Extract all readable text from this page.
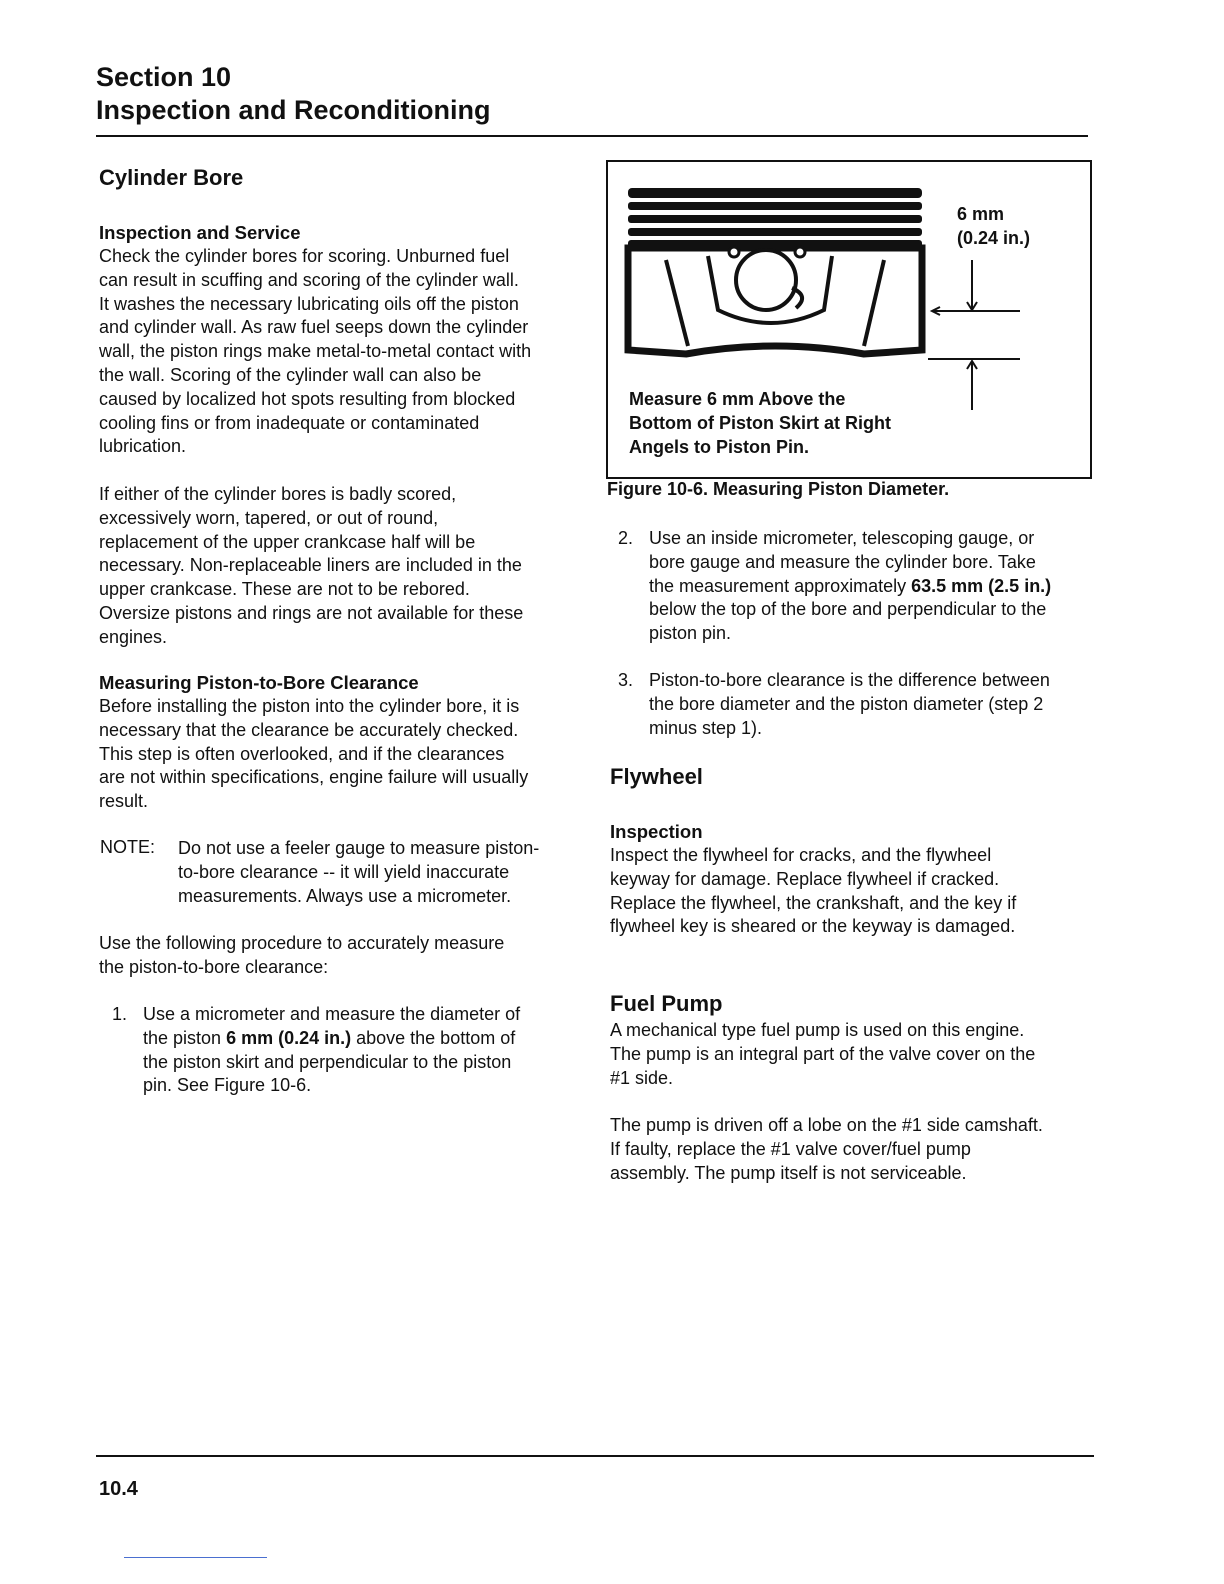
Section 10
Inspection and Reconditioning
Cylinder Bore
Inspection and Service
Check the cylinder bores for scoring. Unburned fuel
can result in scuffing and scoring of the cylinder wall.
It washes the necessary lubricating oils off the piston
and cylinder wall. As raw fuel seeps down the cylinder
wall, the piston rings make metal-to-metal contact with
the wall. Scoring of the cylinder wall can also be
caused by localized hot spots resulting from blocked
cooling fins or from inadequate or contaminated
lubrication.
If either of the cylinder bores is badly scored,
excessively worn, tapered, or out of round,
replacement of the upper crankcase half will be
necessary. Non-replaceable liners are included in the
upper crankcase. These are not to be rebored.
Oversize pistons and rings are not available for these
engines.
Measuring Piston-to-Bore Clearance
Before installing the piston into the cylinder bore, it is
necessary that the clearance be accurately checked.
This step is often overlooked, and if the clearances
are not within specifications, engine failure will usually
result.
NOTE: Do not use a feeler gauge to measure piston-
to-bore clearance -- it will yield inaccurate
measurements. Always use a micrometer.
Use the following procedure to accurately measure
the piston-to-bore clearance:
1. Use a micrometer and measure the diameter of
the piston 6 mm (0.24 in.) above the bottom of
the piston skirt and perpendicular to the piston
pin. See Figure 10-6.
6 mm
(0.24 in.)
Measure 6 mm Above the
Bottom of Piston Skirt at Right
Angels to Piston Pin.
Figure 10-6. Measuring Piston Diameter.
2. Use an inside micrometer, telescoping gauge, or
bore gauge and measure the cylinder bore. Take
the measurement approximately 63.5 mm (2.5 in.)
below the top of the bore and perpendicular to the
piston pin.
3. Piston-to-bore clearance is the difference between
the bore diameter and the piston diameter (step 2
minus step 1).
Flywheel
Inspection
Inspect the flywheel for cracks, and the flywheel
keyway for damage. Replace flywheel if cracked.
Replace the flywheel, the crankshaft, and the key if
flywheel key is sheared or the keyway is damaged.
Fuel Pump
A mechanical type fuel pump is used on this engine.
The pump is an integral part of the valve cover on the
#1 side.
The pump is driven off a lobe on the #1 side camshaft.
If faulty, replace the #1 valve cover/fuel pump
assembly. The pump itself is not serviceable.
10.4
